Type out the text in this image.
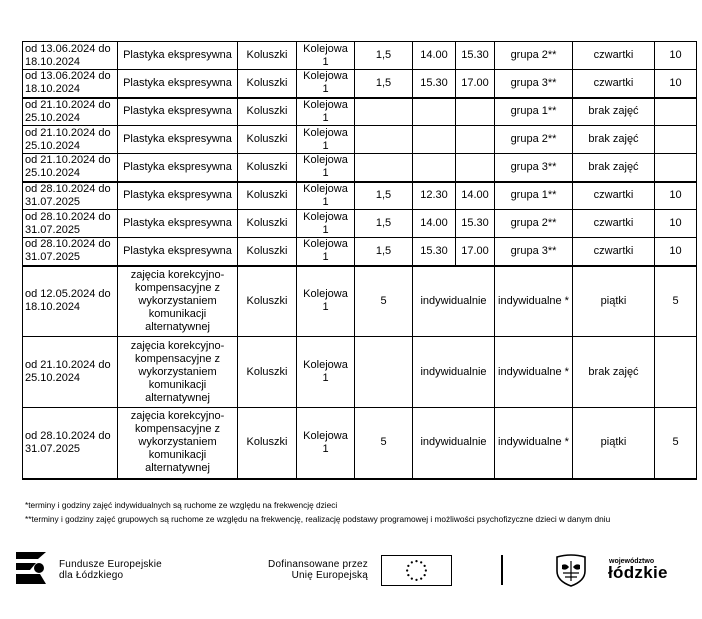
od 13.06.2024 do 18.10.2024	Plastyka ekspresywna	Koluszki	Kolejowa 1	1,5	14.00	15.30	grupa 2**	czwartki	10
od 13.06.2024 do 18.10.2024	Plastyka ekspresywna	Koluszki	Kolejowa 1	1,5	15.30	17.00	grupa 3**	czwartki	10
od 21.10.2024 do 25.10.2024	Plastyka ekspresywna	Koluszki	Kolejowa 1				grupa 1**	brak zajęć	
od 21.10.2024 do 25.10.2024	Plastyka ekspresywna	Koluszki	Kolejowa 1				grupa 2**	brak zajęć	
od 21.10.2024 do 25.10.2024	Plastyka ekspresywna	Koluszki	Kolejowa 1				grupa 3**	brak zajęć	
od 28.10.2024 do 31.07.2025	Plastyka ekspresywna	Koluszki	Kolejowa 1	1,5	12.30	14.00	grupa 1**	czwartki	10
od 28.10.2024 do 31.07.2025	Plastyka ekspresywna	Koluszki	Kolejowa 1	1,5	14.00	15.30	grupa 2**	czwartki	10
od 28.10.2024 do 31.07.2025	Plastyka ekspresywna	Koluszki	Kolejowa 1	1,5	15.30	17.00	grupa 3**	czwartki	10
od 12.05.2024 do 18.10.2024	zajęcia korekcyjno-kompensacyjne z wykorzystaniem komunikacji alternatywnej	Koluszki	Kolejowa 1	5	indywidualnie		indywidualne *	piątki	5
od 21.10.2024 do 25.10.2024	zajęcia korekcyjno-kompensacyjne z wykorzystaniem komunikacji alternatywnej	Koluszki	Kolejowa 1		indywidualnie		indywidualne *	brak zajęć	
od 28.10.2024 do 31.07.2025	zajęcia korekcyjno-kompensacyjne z wykorzystaniem komunikacji alternatywnej	Koluszki	Kolejowa 1	5	indywidualnie		indywidualne *	piątki	5

*terminy i godziny zajęć indywidualnych są ruchome ze względu na frekwencję dzieci

**terminy i godziny zajęć grupowych są ruchome ze względu na frekwencję, realizację podstawy programowej i możliwości psychofizyczne dzieci w danym dniu

Fundusze Europejskie
dla Łódzkiego
Dofinansowane przez
Unię Europejską
województwo
łódzkie
